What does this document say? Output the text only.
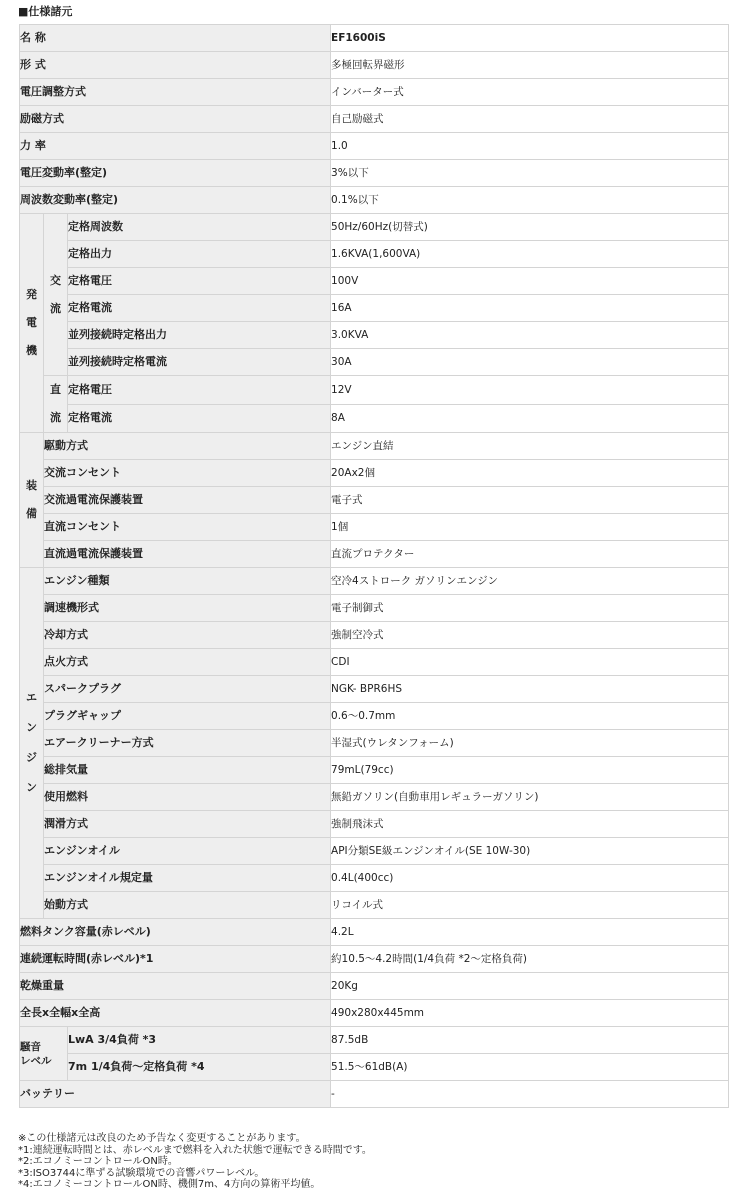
■仕様諸元
名 称			EF1600iS
形 式			多極回転界磁形
電圧調整方式			インバーター式
励磁方式			自己励磁式
力 率			1.0
電圧変動率(整定)			3%以下
周波数変動率(整定)			0.1%以下
発電機	交流	定格周波数	50Hz/60Hz(切替式)
		定格出力	1.6KVA(1,600VA)
		定格電圧	100V
		定格電流	16A
		並列接続時定格出力	3.0KVA
		並列接続時定格電流	30A
	直流	定格電圧	12V
		定格電流	8A
装備	駆動方式		エンジン直結
	交流コンセント		20Ax2個
	交流過電流保護装置		電子式
	直流コンセント		1個
	直流過電流保護装置		直流プロテクター
エンジン	エンジン種類		空冷4ストローク ガソリンエンジン
	調速機形式		電子制御式
	冷却方式		強制空冷式
	点火方式		CDI
	スパークプラグ		NGK- BPR6HS
	プラグギャップ		0.6〜0.7mm
	エアークリーナー方式		半湿式(ウレタンフォーム)
	総排気量		79mL(79cc)
	使用燃料		無鉛ガソリン(自動車用レギュラーガソリン)
	潤滑方式		強制飛沫式
	エンジンオイル		API分類SE級エンジンオイル(SE 10W-30)
	エンジンオイル規定量		0.4L(400cc)
	始動方式		リコイル式
燃料タンク容量(赤レベル)			4.2L
連続運転時間(赤レベル)*1			約10.5〜4.2時間(1/4負荷 *2〜定格負荷)
乾燥重量			20Kg
全長x全幅x全高			490x280x445mm

騒音
レベル		LwA 3/4負荷 *3	87.5dB
		7m 1/4負荷〜定格負荷 *4	51.5〜61dB(A)
バッテリー			-
※この仕様諸元は改良のため予告なく変更することがあります。
*1:連続運転時間とは、赤レベルまで燃料を入れた状態で運転できる時間です。
*2:エコノミーコントロールON時。
*3:ISO3744に準ずる試験環境での音響パワーレベル。
*4:エコノミーコントロールON時、機側7m、4方向の算術平均値。
